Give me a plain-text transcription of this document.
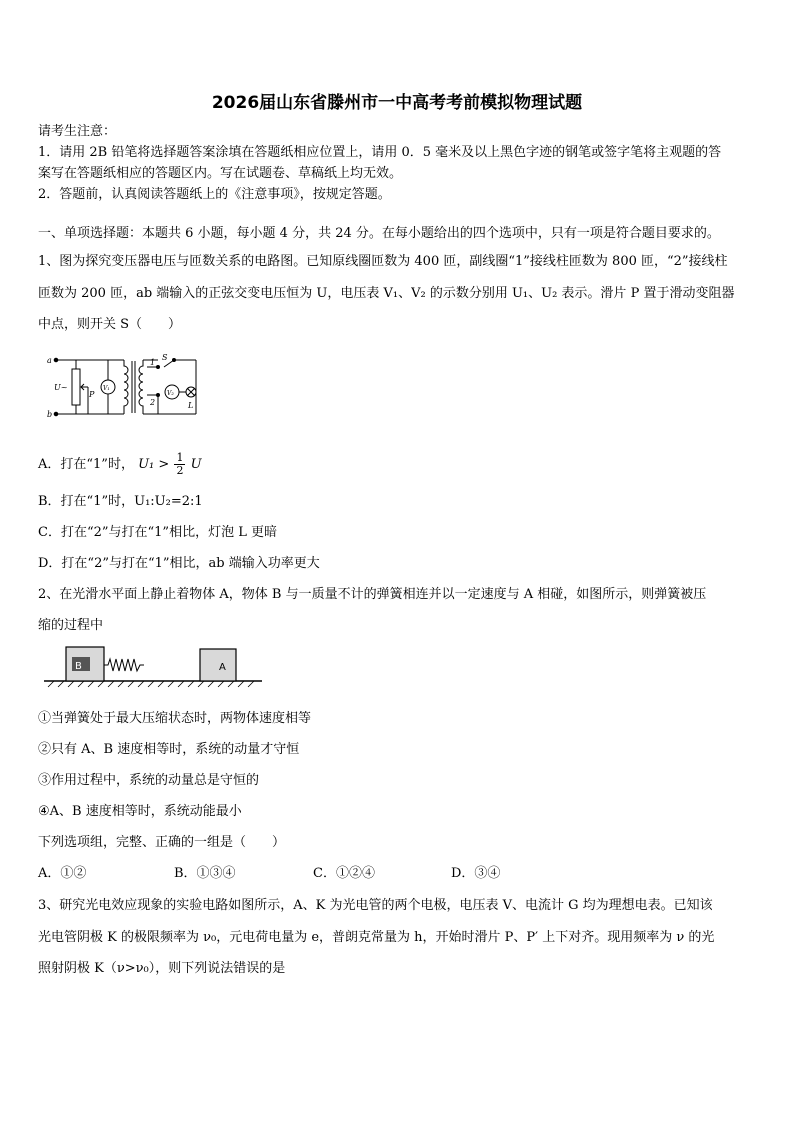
2026届山东省滕州市一中高考考前模拟物理试题
请考生注意：
1．请用 2B 铅笔将选择题答案涂填在答题纸相应位置上，请用 0．5 毫米及以上黑色字迹的钢笔或签字笔将主观题的答
案写在答题纸相应的答题区内。写在试题卷、草稿纸上均无效。
2．答题前，认真阅读答题纸上的《注意事项》，按规定答题。
一、单项选择题：本题共 6 小题，每小题 4 分，共 24 分。在每小题给出的四个选项中，只有一项是符合题目要求的。
1、图为探究变压器电压与匝数关系的电路图。已知原线圈匝数为 400 匝，副线圈“1”接线柱匝数为 800 匝，“2”接线柱
匝数为 200 匝，ab 端输入的正弦交变电压恒为 U，电压表 V₁、V₂ 的示数分别用 U₁、U₂ 表示。滑片 P 置于滑动变阻器
中点，则开关 S（　　）
a
b
U~
P
V₁
S
1
2
V₂
L
A．打在“1”时， $U_1 > \frac{1}{2}$ U
B．打在“1”时，U₁:U₂=2:1
C．打在“2”与打在“1”相比，灯泡 L 更暗
D．打在“2”与打在“1”相比，ab 端输入功率更大
2、在光滑水平面上静止着物体 A，物体 B 与一质量不计的弹簧相连并以一定速度与 A 相碰，如图所示，则弹簧被压
缩的过程中
B	A
①当弹簧处于最大压缩状态时，两物体速度相等
②只有 A、B 速度相等时，系统的动量才守恒
③作用过程中，系统的动量总是守恒的
④A、B 速度相等时，系统动能最小
下列选项组，完整、正确的一组是（　　）
A．①②	B．①③④	C．①②④	D．③④
3、研究光电效应现象的实验电路如图所示，A、K 为光电管的两个电极，电压表 V、电流计 G 均为理想电表。已知该
光电管阴极 K 的极限频率为 ν₀，元电荷电量为 e，普朗克常量为 h，开始时滑片 P、P′ 上下对齐。现用频率为 ν 的光
照射阴极 K（ν>ν₀），则下列说法错误的是
